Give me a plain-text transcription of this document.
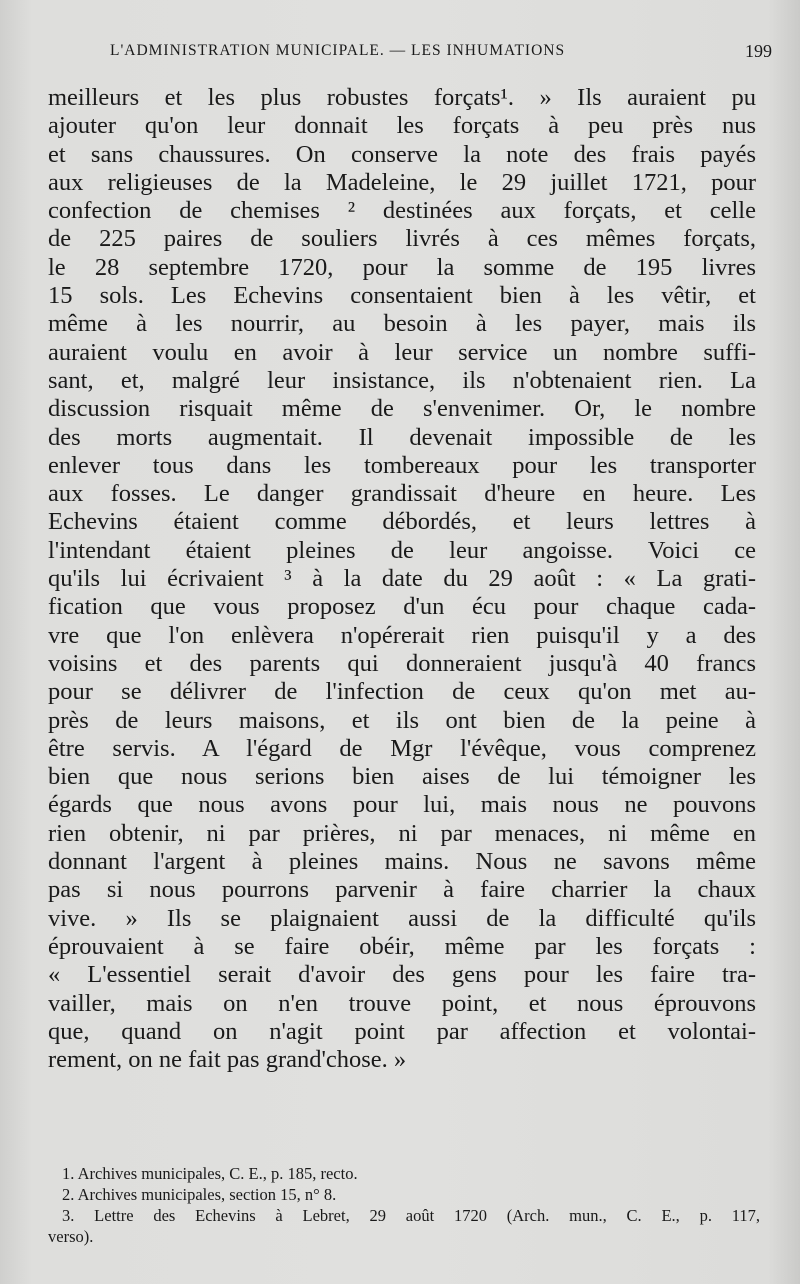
L'ADMINISTRATION MUNICIPALE. — LES INHUMATIONS	199
meilleurs et les plus robustes forçats¹. » Ils auraient pu
ajouter qu'on leur donnait les forçats à peu près nus
et sans chaussures. On conserve la note des frais payés
aux religieuses de la Madeleine, le 29 juillet 1721, pour
confection de chemises ² destinées aux forçats, et celle
de 225 paires de souliers livrés à ces mêmes forçats,
le 28 septembre 1720, pour la somme de 195 livres
15 sols. Les Echevins consentaient bien à les vêtir, et
même à les nourrir, au besoin à les payer, mais ils
auraient voulu en avoir à leur service un nombre suffi-
sant, et, malgré leur insistance, ils n'obtenaient rien. La
discussion risquait même de s'envenimer. Or, le nombre
des morts augmentait. Il devenait impossible de les
enlever tous dans les tombereaux pour les transporter
aux fosses. Le danger grandissait d'heure en heure. Les
Echevins étaient comme débordés, et leurs lettres à
l'intendant étaient pleines de leur angoisse. Voici ce
qu'ils lui écrivaient ³ à la date du 29 août : « La grati-
fication que vous proposez d'un écu pour chaque cada-
vre que l'on enlèvera n'opérerait rien puisqu'il y a des
voisins et des parents qui donneraient jusqu'à 40 francs
pour se délivrer de l'infection de ceux qu'on met au-
près de leurs maisons, et ils ont bien de la peine à
être servis. A l'égard de Mgr l'évêque, vous comprenez
bien que nous serions bien aises de lui témoigner les
égards que nous avons pour lui, mais nous ne pouvons
rien obtenir, ni par prières, ni par menaces, ni même en
donnant l'argent à pleines mains. Nous ne savons même
pas si nous pourrons parvenir à faire charrier la chaux
vive. » Ils se plaignaient aussi de la difficulté qu'ils
éprouvaient à se faire obéir, même par les forçats :
« L'essentiel serait d'avoir des gens pour les faire tra-
vailler, mais on n'en trouve point, et nous éprouvons
que, quand on n'agit point par affection et volontai-
rement, on ne fait pas grand'chose. »
1. Archives municipales, C. E., p. 185, recto.
2. Archives municipales, section 15, n° 8.
3. Lettre des Echevins à Lebret, 29 août 1720 (Arch. mun., C. E., p. 117,
verso).
